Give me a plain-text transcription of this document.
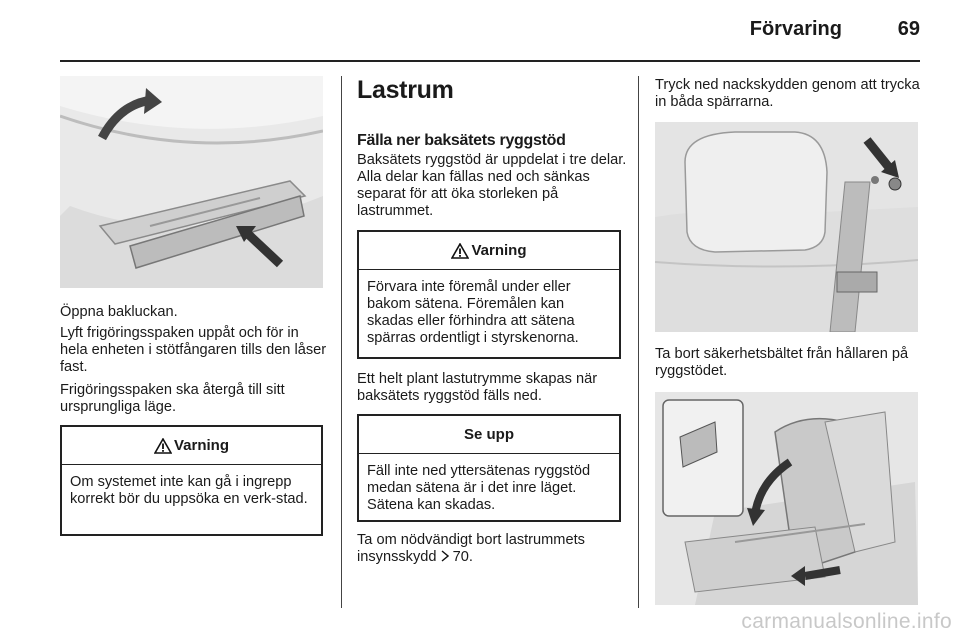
Förvaring	69

Öppna bakluckan.

Lyft frigöringsspaken uppåt och för in hela enheten i stötfångaren tills den låser fast.

Frigöringsspaken ska återgå till sitt ursprungliga läge.

Varning
Om systemet inte kan gå i ingrepp korrekt bör du uppsöka en verk-stad.
Lastrum
Fälla ner baksätets ryggstöd

Baksätets ryggstöd är uppdelat i tre delar. Alla delar kan fällas ned och sänkas separat för att öka storleken på lastrummet.

Varning
Förvara inte föremål under eller bakom sätena. Föremålen kan skadas eller förhindra att sätena spärras ordentligt i styrskenorna.

Ett helt plant lastutrymme skapas när baksätets ryggstöd fälls ned.

Se upp
Fäll inte ned yttersätenas ryggstöd medan sätena är i det inre läget. Sätena kan skadas.

Ta om nödvändigt bort lastrummets insynsskydd 70.

Tryck ned nackskydden genom att trycka in båda spärrarna.

Ta bort säkerhetsbältet från hållaren på ryggstödet.

carmanualsonline.info
